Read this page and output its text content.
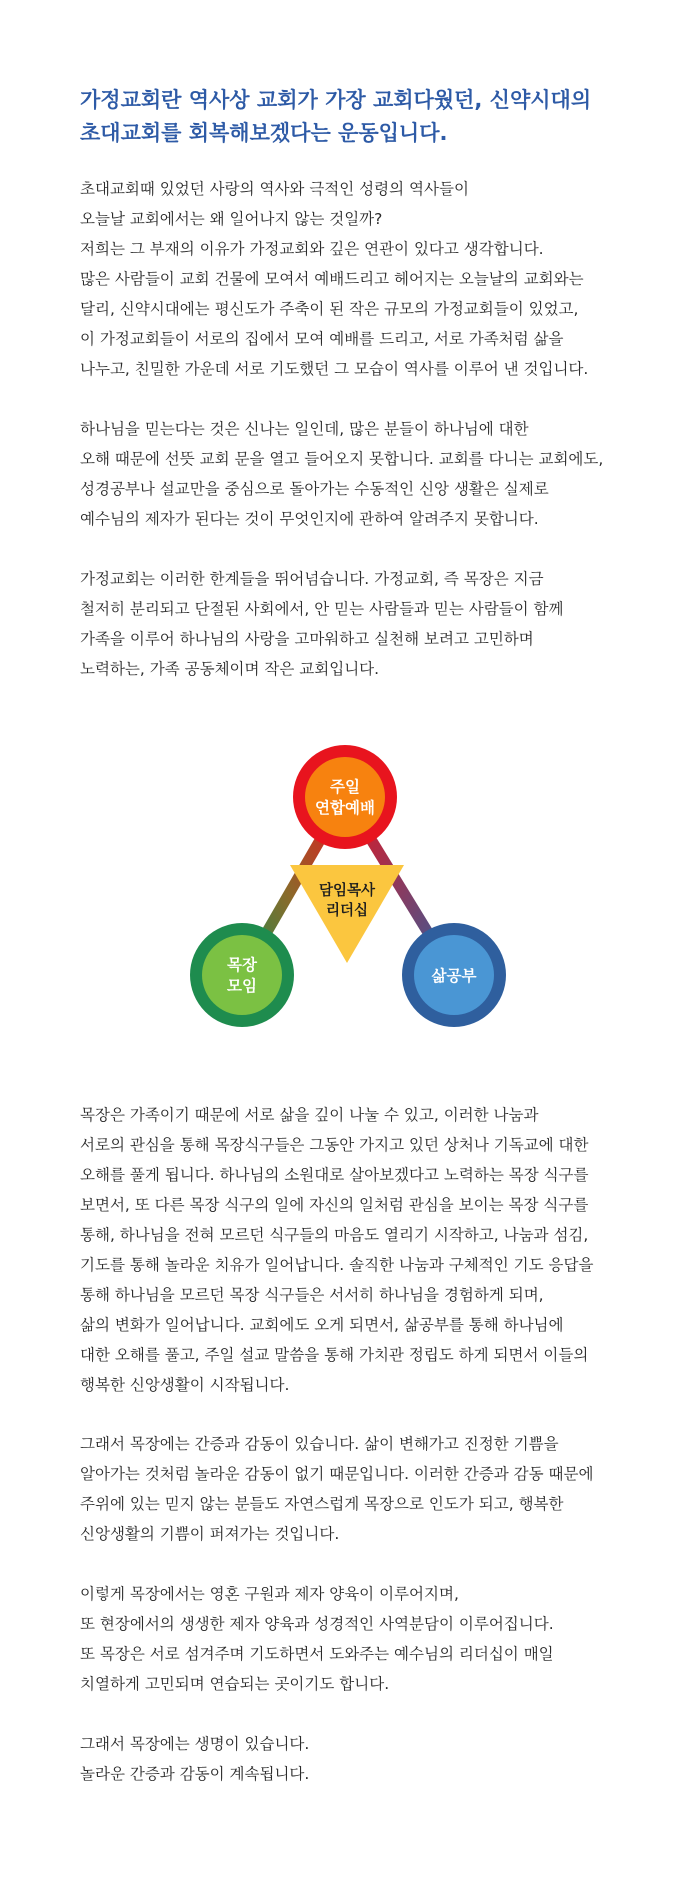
가정교회란 역사상 교회가 가장 교회다웠던, 신약시대의
초대교회를 회복해보겠다는 운동입니다.

초대교회때 있었던 사랑의 역사와 극적인 성령의 역사들이
오늘날 교회에서는 왜 일어나지 않는 것일까?
저희는 그 부재의 이유가 가정교회와 깊은 연관이 있다고 생각합니다.
많은 사람들이 교회 건물에 모여서 예배드리고 헤어지는 오늘날의 교회와는
달리, 신약시대에는 평신도가 주축이 된 작은 규모의 가정교회들이 있었고,
이 가정교회들이 서로의 집에서 모여 예배를 드리고, 서로 가족처럼 삶을
나누고, 친밀한 가운데 서로 기도했던 그 모습이 역사를 이루어 낸 것입니다.

하나님을 믿는다는 것은 신나는 일인데, 많은 분들이 하나님에 대한
오해 때문에 선뜻 교회 문을 열고 들어오지 못합니다. 교회를 다니는 교회에도,
성경공부나 설교만을 중심으로 돌아가는 수동적인 신앙 생활은 실제로
예수님의 제자가 된다는 것이 무엇인지에 관하여 알려주지 못합니다.

가정교회는 이러한 한계들을 뛰어넘습니다. 가정교회, 즉 목장은 지금
철저히 분리되고 단절된 사회에서, 안 믿는 사람들과 믿는 사람들이 함께
가족을 이루어 하나님의 사랑을 고마워하고 실천해 보려고 고민하며
노력하는, 가족 공동체이며 작은 교회입니다.

담임목사
리더십
주일
연합예배
목장
모임
삶공부

목장은 가족이기 때문에 서로 삶을 깊이 나눌 수 있고, 이러한 나눔과
서로의 관심을 통해 목장식구들은 그동안 가지고 있던 상처나 기독교에 대한
오해를 풀게 됩니다. 하나님의 소원대로 살아보겠다고 노력하는 목장 식구를
보면서, 또 다른 목장 식구의 일에 자신의 일처럼 관심을 보이는 목장 식구를
통해, 하나님을 전혀 모르던 식구들의 마음도 열리기 시작하고, 나눔과 섬김,
기도를 통해 놀라운 치유가 일어납니다. 솔직한 나눔과 구체적인 기도 응답을
통해 하나님을 모르던 목장 식구들은 서서히 하나님을 경험하게 되며,
삶의 변화가 일어납니다. 교회에도 오게 되면서, 삶공부를 통해 하나님에
대한 오해를 풀고, 주일 설교 말씀을 통해 가치관 정립도 하게 되면서 이들의
행복한 신앙생활이 시작됩니다.

그래서 목장에는 간증과 감동이 있습니다. 삶이 변해가고 진정한 기쁨을
알아가는 것처럼 놀라운 감동이 없기 때문입니다. 이러한 간증과 감동 때문에
주위에 있는 믿지 않는 분들도 자연스럽게 목장으로 인도가 되고, 행복한
신앙생활의 기쁨이 퍼져가는 것입니다.

이렇게 목장에서는 영혼 구원과 제자 양육이 이루어지며,
또 현장에서의 생생한 제자 양육과 성경적인 사역분담이 이루어집니다.
또 목장은 서로 섬겨주며 기도하면서 도와주는 예수님의 리더십이 매일
치열하게 고민되며 연습되는 곳이기도 합니다.

그래서 목장에는 생명이 있습니다.
놀라운 간증과 감동이 계속됩니다.
